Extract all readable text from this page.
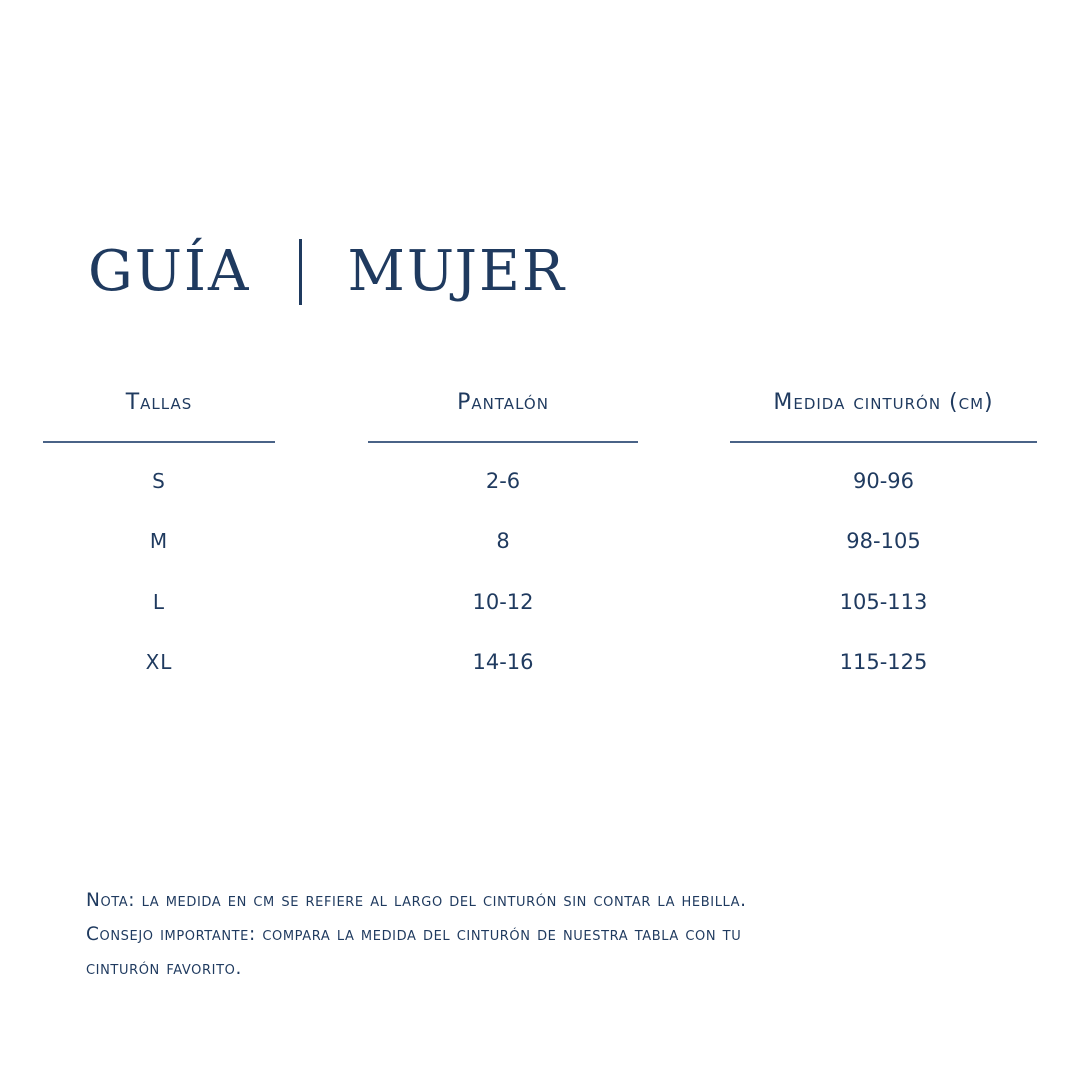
GUÍA MUJER
Tallas	Pantalón	Medida cinturón (cm)
S	2-6	90-96
M	8	98-105
L	10-12	105-113
XL	14-16	115-125
Nota: la medida en cm se refiere al largo del cinturón sin contar la hebilla.
Consejo importante: compara la medida del cinturón de nuestra tabla con tu
cinturón favorito.
